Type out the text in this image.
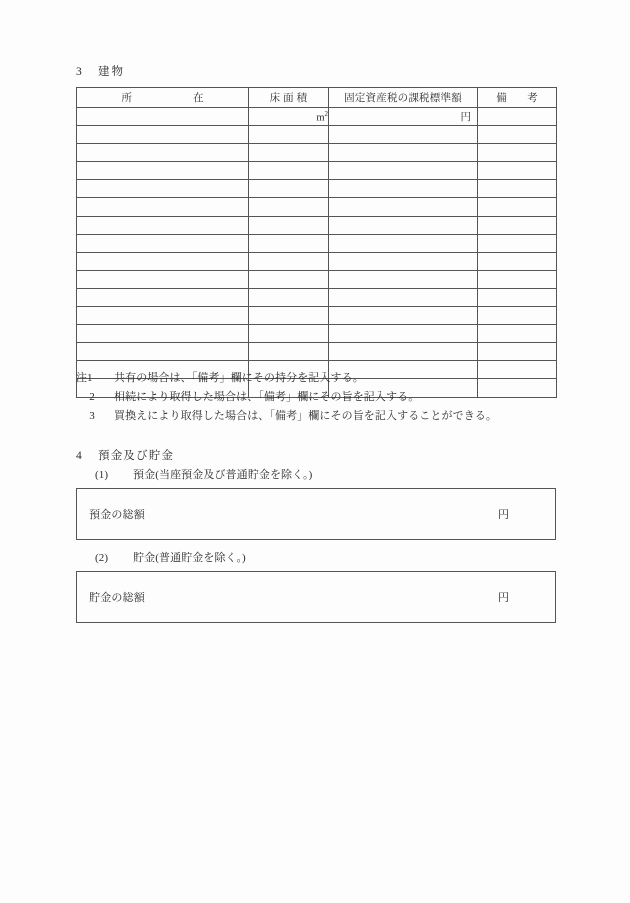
3 建物
所 在	床 面 積	固定資産税の課税標準額	備 考

	$m^2$	円	

注1	共有の場合は、「備考」欄にその持分を記入する。
2	相続により取得した場合は、「備考」欄にその旨を記入する。
3	買換えにより取得した場合は、「備考」欄にその旨を記入することができる。
4 預金及び貯金
(1) 預金(当座預金及び普通貯金を除く。)
預金の総額	円
(2) 貯金(普通貯金を除く。)
貯金の総額	円
